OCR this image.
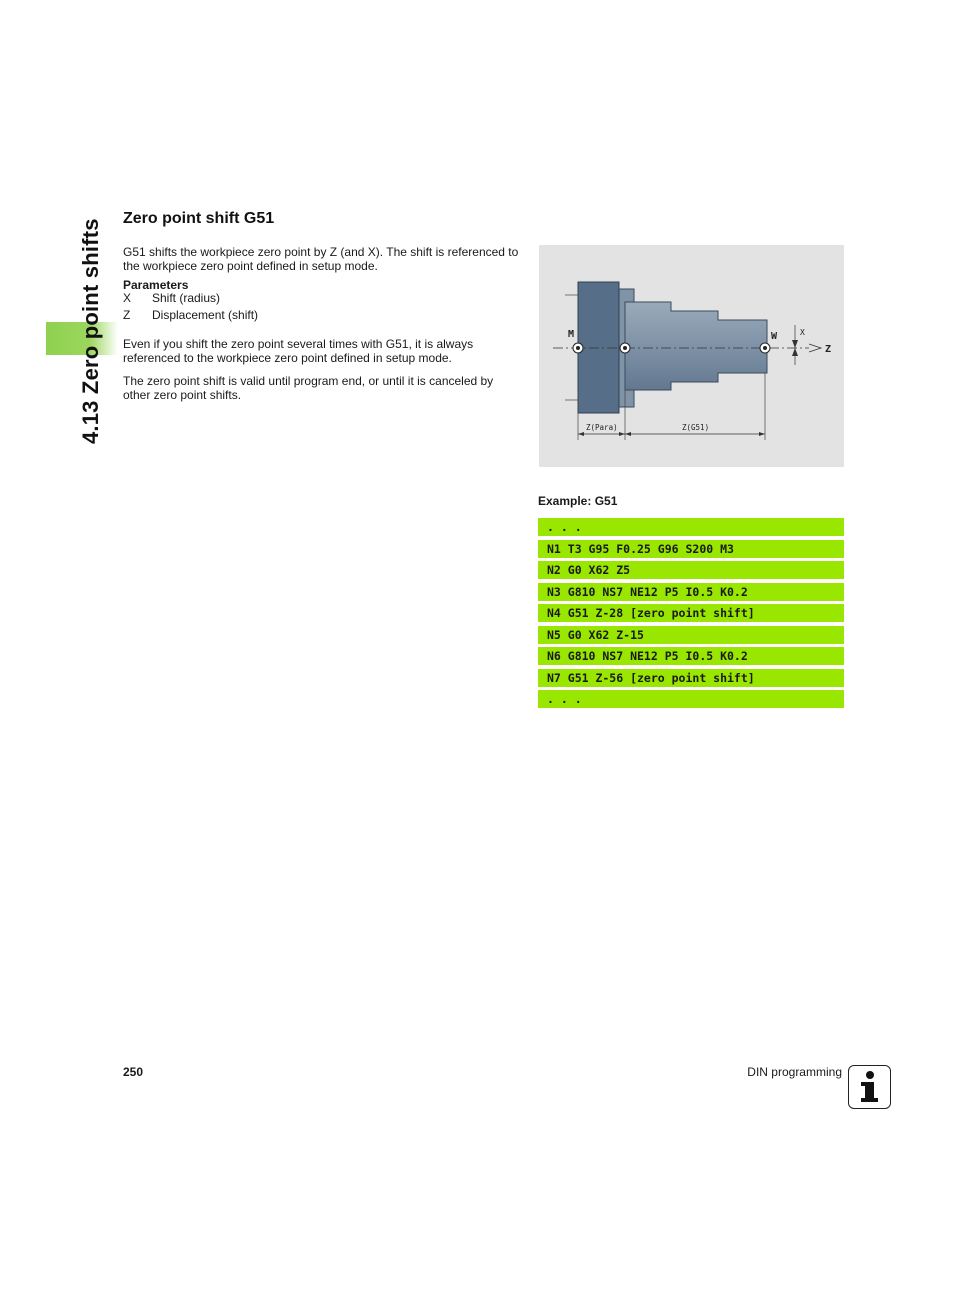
4.13 Zero point shifts Zero point shift G51

G51 shifts the workpiece zero point by Z (and X). The shift is referenced to the workpiece zero point defined in setup mode.

Parameters

X Shift (radius)
Z Displacement (shift)

Even if you shift the zero point several times with G51, it is always referenced to the workpiece zero point defined in setup mode.

The zero point shift is valid until program end, or until it is canceled by other zero point shifts.

M	W	X
Z
Z(Para)	Z(G51)

Example: G51

. . .
N1 T3 G95 F0.25 G96 S200 M3
N2 G0 X62 Z5
N3 G810 NS7 NE12 P5 I0.5 K0.2
N4 G51 Z-28 [zero point shift]
N5 G0 X62 Z-15
N6 G810 NS7 NE12 P5 I0.5 K0.2
N7 G51 Z-56 [zero point shift]
. . .

250	DIN programming
